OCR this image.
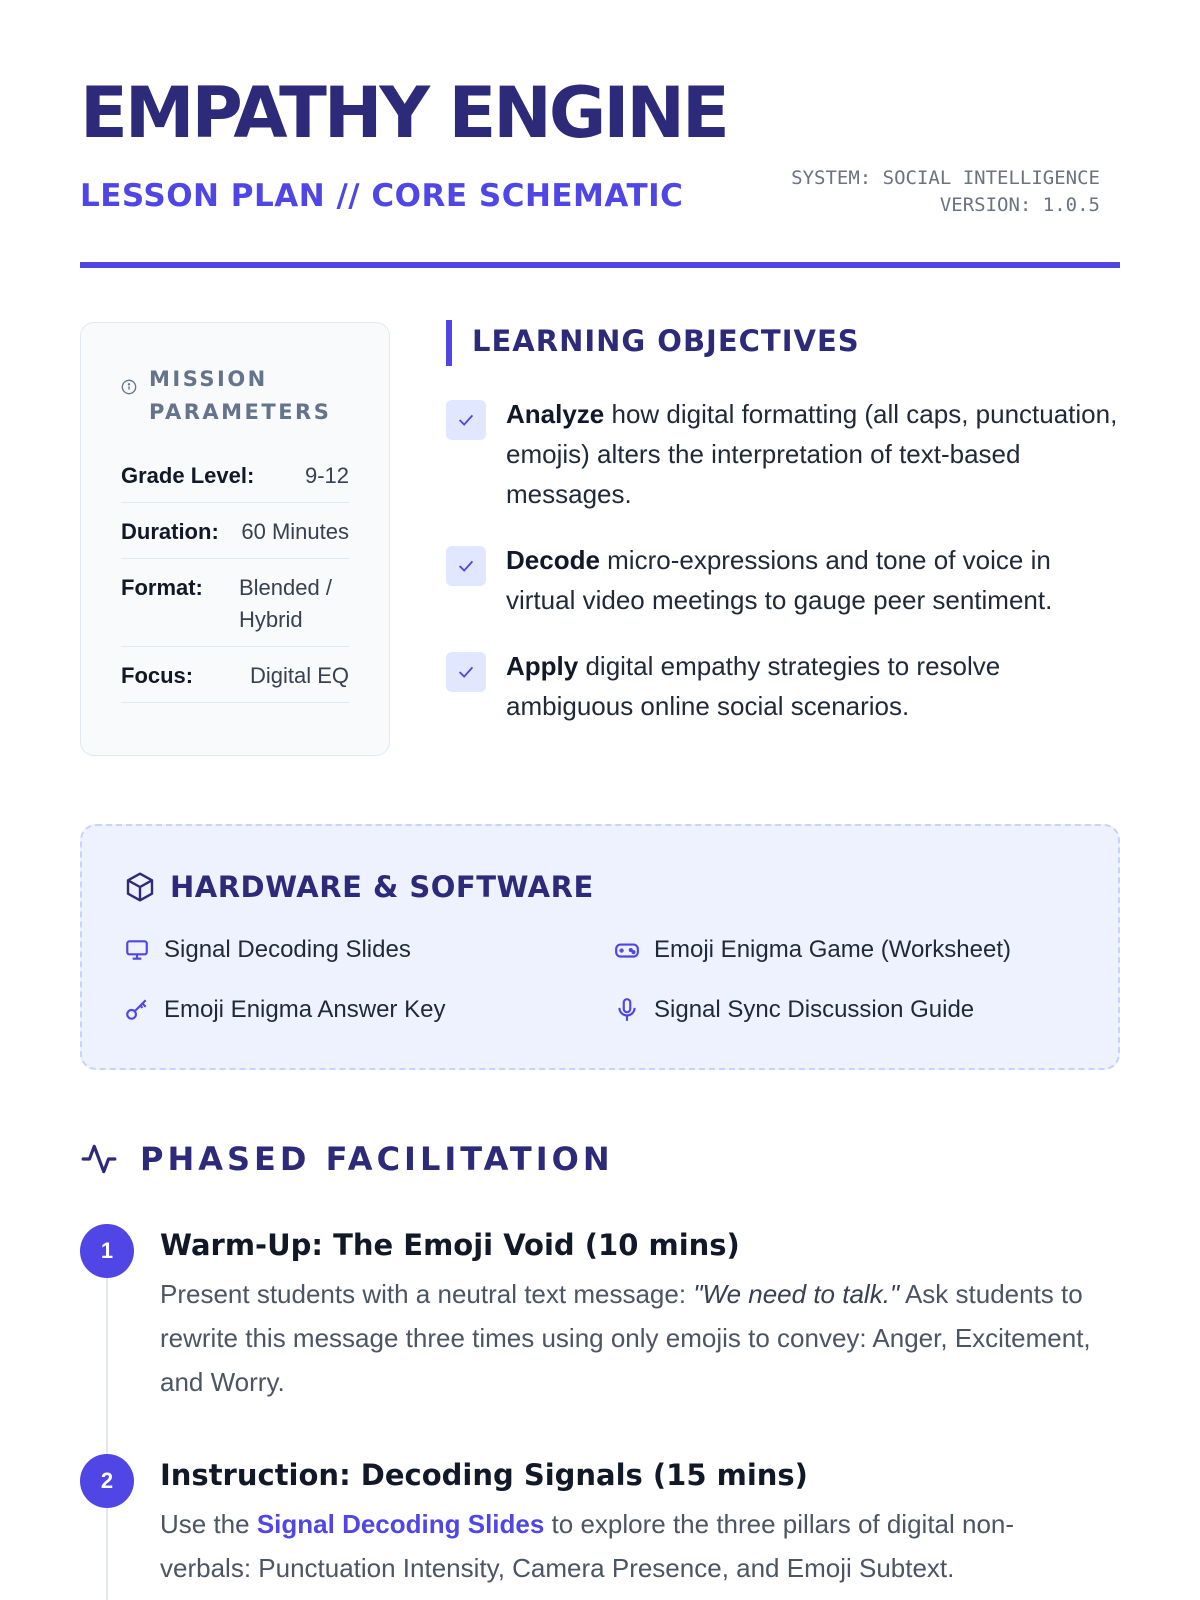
EMPATHY ENGINE
LESSON PLAN // CORE SCHEMATIC	SYSTEM: SOCIAL INTELLIGENCE
VERSION: 1.0.5
MISSION PARAMETERS
Grade Level: 9-12
Duration: 60 Minutes
Format: Blended / Hybrid
Focus:	Digital EQ
LEARNING OBJECTIVES
Analyze how digital formatting (all caps, punctuation, emojis) alters the interpretation of text-based messages.
Decode micro-expressions and tone of voice in virtual video meetings to gauge peer sentiment.
Apply digital empathy strategies to resolve ambiguous online social scenarios.
HARDWARE & SOFTWARE
Signal Decoding Slides	Emoji Enigma Game (Worksheet)
Emoji Enigma Answer Key	Signal Sync Discussion Guide
PHASED FACILITATION
1	Warm-Up: The Emoji Void (10 mins)
Present students with a neutral text message: "We need to talk." Ask students to rewrite this message three times using only emojis to convey: Anger, Excitement, and Worry.
2	Instruction: Decoding Signals (15 mins)
Use the Signal Decoding Slides to explore the three pillars of digital non-verbals: Punctuation Intensity, Camera Presence, and Emoji Subtext.
